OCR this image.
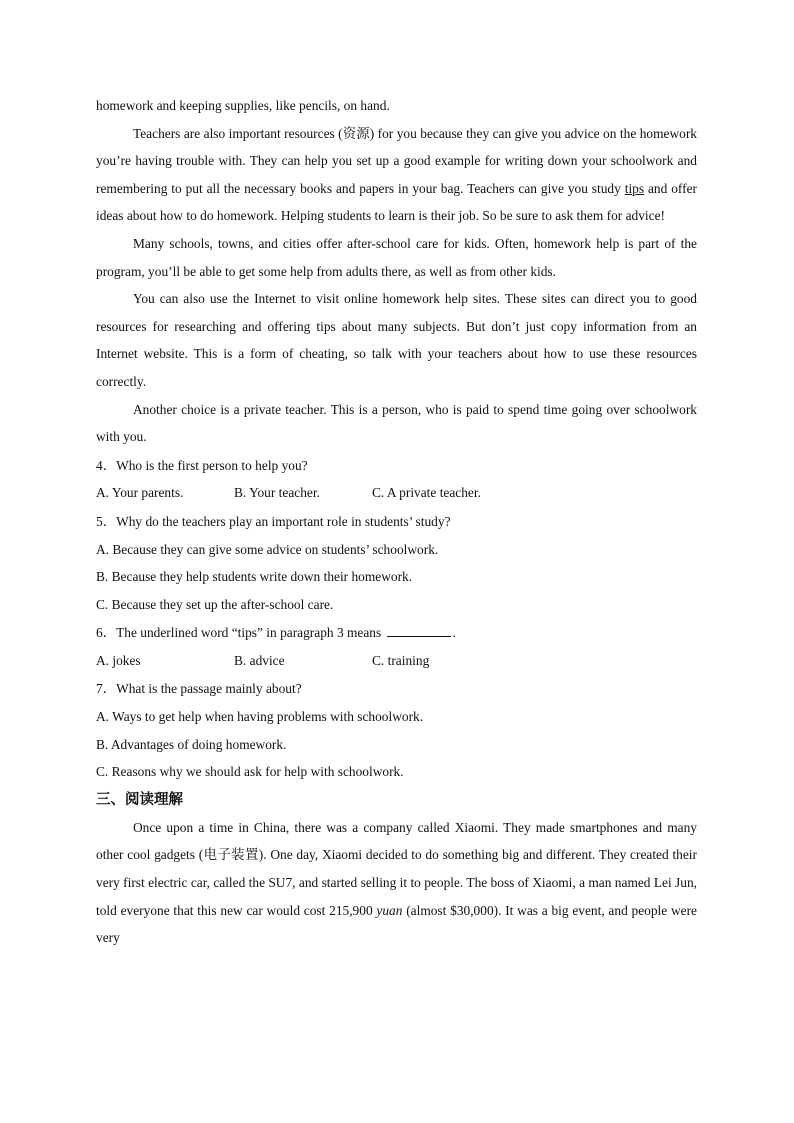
homework and keeping supplies, like pencils, on hand.

Teachers are also important resources (资源) for you because they can give you advice on the homework you’re having trouble with. They can help you set up a good example for writing down your schoolwork and remembering to put all the necessary books and papers in your bag. Teachers can give you study tips and offer ideas about how to do homework. Helping students to learn is their job. So be sure to ask them for advice!

Many schools, towns, and cities offer after-school care for kids. Often, homework help is part of the program, you’ll be able to get some help from adults there, as well as from other kids.

You can also use the Internet to visit online homework help sites. These sites can direct you to good resources for researching and offering tips about many subjects. But don’t just copy information from an Internet website. This is a form of cheating, so talk with your teachers about how to use these resources correctly.

Another choice is a private teacher. This is a person, who is paid to spend time going over schoolwork with you.

4．Who is the first person to help you?

A. Your parents.	B. Your teacher.	C. A private teacher.

5．Why do the teachers play an important role in students’ study?

A. Because they can give some advice on students’ schoolwork.

B. Because they help students write down their homework.

C. Because they set up the after-school care.

6．The underlined word “tips” in paragraph 3 means	.

A. jokes	B. advice	C. training

7．What is the passage mainly about?

A. Ways to get help when having problems with schoolwork.

B. Advantages of doing homework.

C. Reasons why we should ask for help with schoolwork.

三、阅读理解

Once upon a time in China, there was a company called Xiaomi. They made smartphones and many other cool gadgets (电子装置). One day, Xiaomi decided to do something big and different. They created their very first electric car, called the SU7, and started selling it to people. The boss of Xiaomi, a man named Lei Jun, told everyone that this new car would cost 215,900 yuan (almost $30,000). It was a big event, and people were very
